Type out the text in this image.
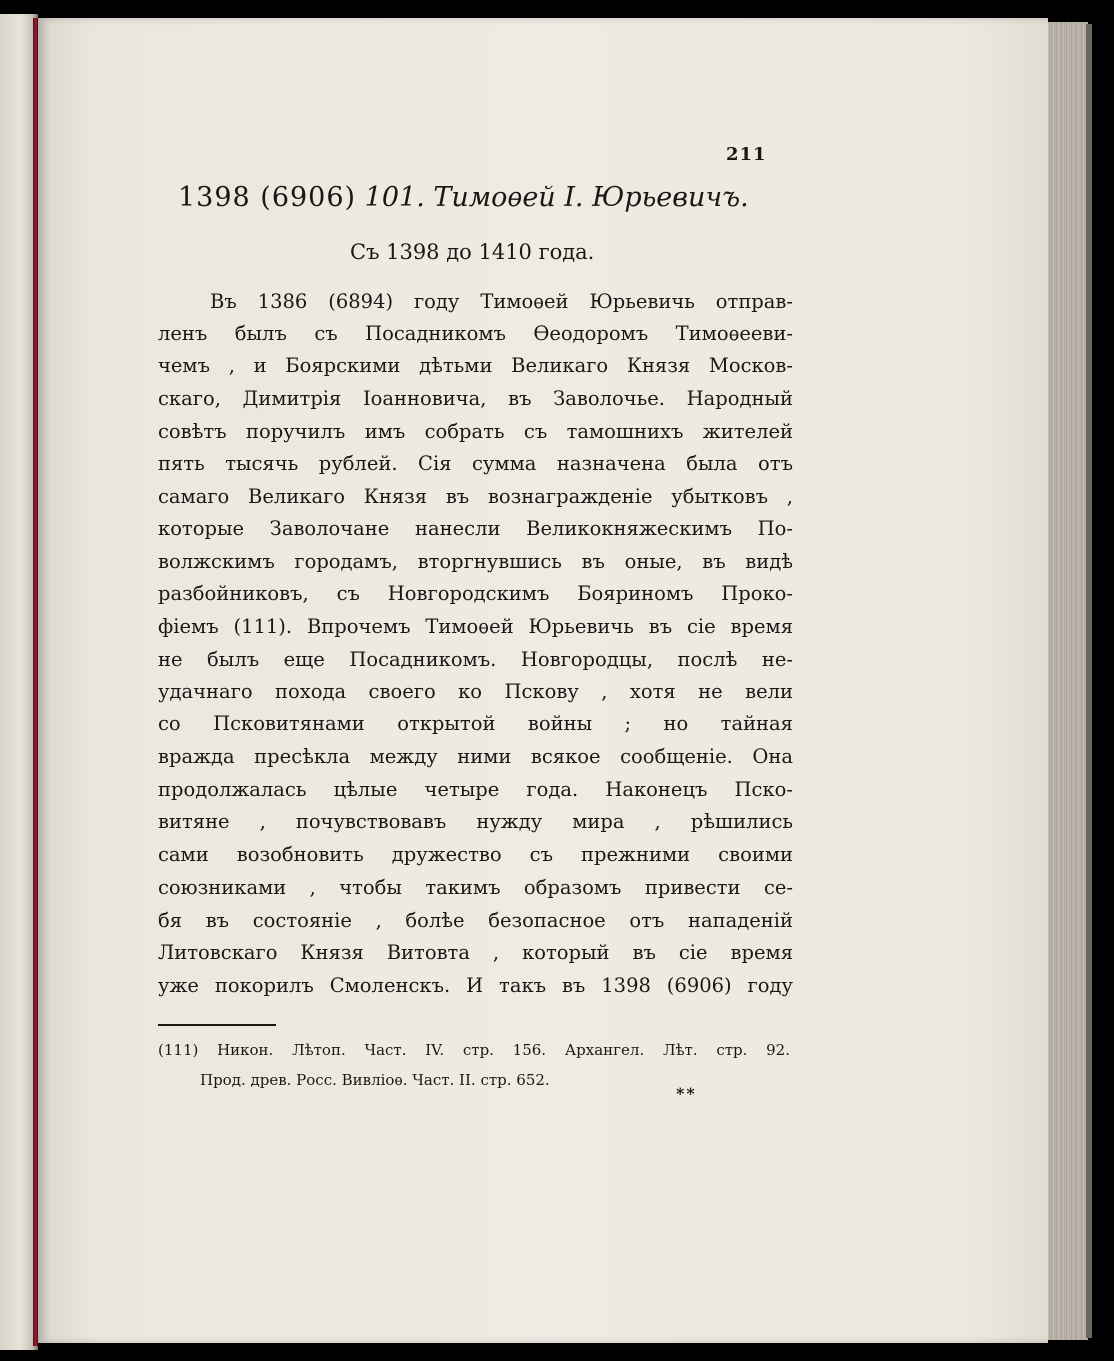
211
1398 (6906) 101. Тимоѳей I. Юрьевичъ.
Съ 1398 до 1410 года.
Въ 1386 (6894) году Тимоѳей Юрьевичь отправ-
ленъ былъ съ Посадникомъ Ѳеодоромъ Тимоѳееви-
чемъ , и Боярскими дѣтьми Великаго Князя Москов-
скаго, Димитрія Іоанновича, въ Заволочье. Народный
совѣтъ поручилъ имъ собрать съ тамошнихъ жителей
пять тысячь рублей. Сія сумма назначена была отъ
самаго Великаго Князя въ вознагражденіе убытковъ ,
которые Заволочане нанесли Великокняжескимъ По-
волжскимъ городамъ, вторгнувшись въ оные, въ видѣ
разбойниковъ, съ Новгородскимъ Бояриномъ Проко-
фіемъ (111). Впрочемъ Тимоѳей Юрьевичь въ сіе время
не былъ еще Посадникомъ. Новгородцы, послѣ не-
удачнаго похода своего ко Пскову , хотя не вели
со Псковитянами открытой войны ; но тайная
вражда пресѣкла между ними всякое сообщеніе. Она
продолжалась цѣлые четыре года. Наконецъ Пско-
витяне , почувствовавъ нужду мира , рѣшились
сами возобновить дружество съ прежними своими
союзниками , чтобы такимъ образомъ привести се-
бя въ состояніе , болѣе безопасное отъ нападеній
Литовскаго Князя Витовта , который въ сіе время
уже покорилъ Смоленскъ. И такъ въ 1398 (6906) году
(111) Никон. Лѣтоп. Част. IV. стр. 156. Архангел. Лѣт. стр. 92.
Прод. древ. Росс. Вивліоѳ. Част. II. стр. 652.
**
